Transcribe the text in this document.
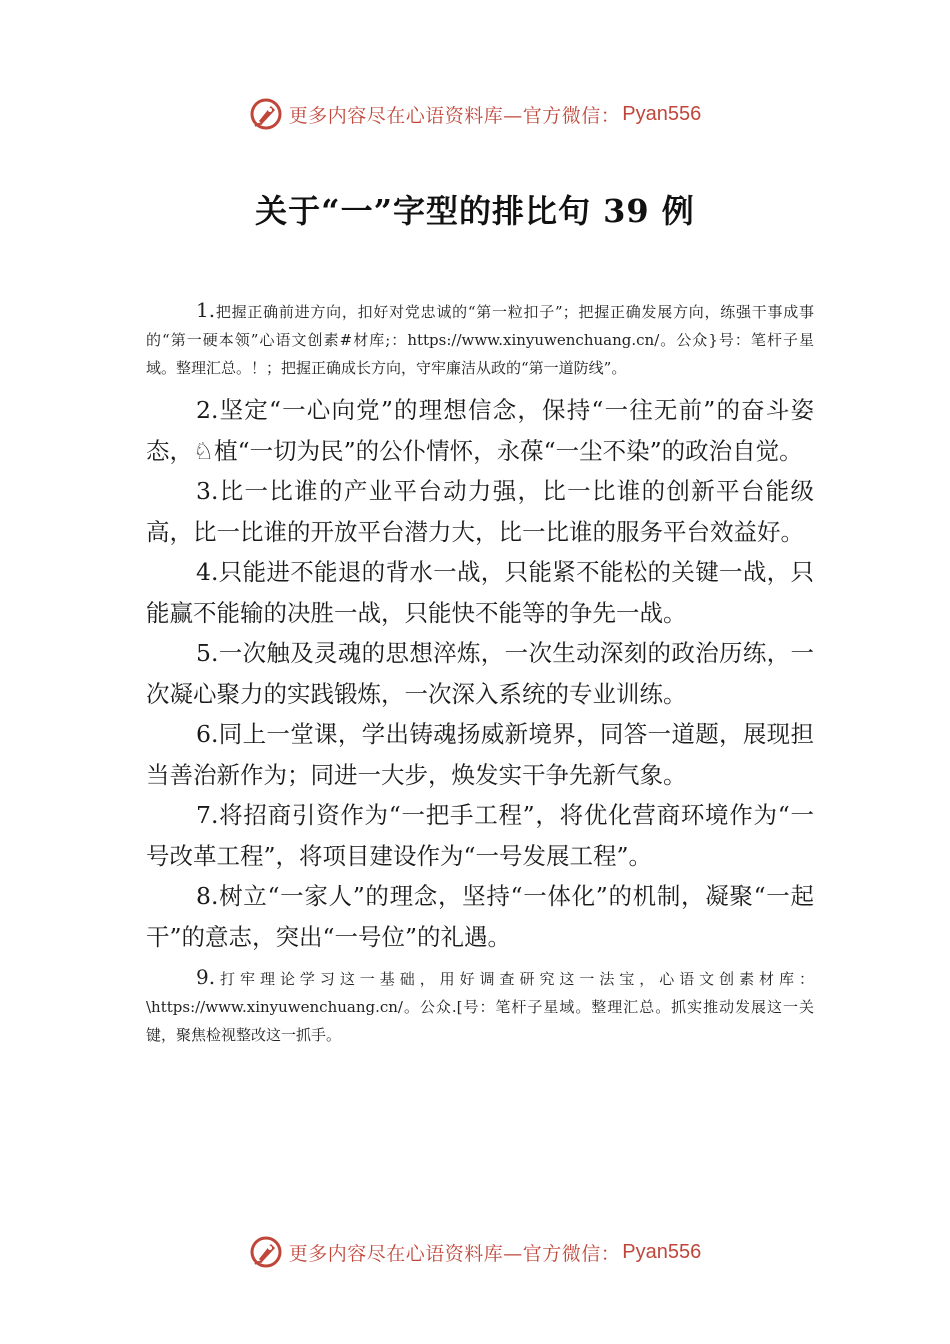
更多内容尽在心语资料库—官方微信： Pyan556
关于“一”字型的排比句 39 例

1.把握正确前进方向，扣好对党忠诚的“第一粒扣子”；把握正确发展方向，练强干事成事的“第一硬本领”心语文创素#材库;：https://www.xinyuwenchuang.cn/。公众}号：笔杆子星域。整理汇总。！；把握正确成长方向，守牢廉洁从政的“第一道防线”。

2.坚定“一心向党”的理想信念，保持“一往无前”的奋斗姿态，♘植“一切为民”的公仆情怀，永葆“一尘不染”的政治自觉。

3.比一比谁的产业平台动力强，比一比谁的创新平台能级高，比一比谁的开放平台潜力大，比一比谁的服务平台效益好。

4.只能进不能退的背水一战，只能紧不能松的关键一战，只能赢不能输的决胜一战，只能快不能等的争先一战。

5.一次触及灵魂的思想淬炼，一次生动深刻的政治历练，一次凝心聚力的实践锻炼，一次深入系统的专业训练。

6.同上一堂课，学出铸魂扬威新境界，同答一道题，展现担当善治新作为；同进一大步，焕发实干争先新气象。

7.将招商引资作为“一把手工程”，将优化营商环境作为“一号改革工程”，将项目建设作为“一号发展工程”。

8.树立“一家人”的理念，坚持“一体化”的机制，凝聚“一起干”的意志，突出“一号位”的礼遇。

9.打牢理论学习这一基础，用好调查研究这一法宝，心语文创素材库：\https://www.xinyuwenchuang.cn/。公众.[号：笔杆子星域。整理汇总。抓实推动发展这一关键，聚焦检视整改这一抓手。

更多内容尽在心语资料库—官方微信： Pyan556
